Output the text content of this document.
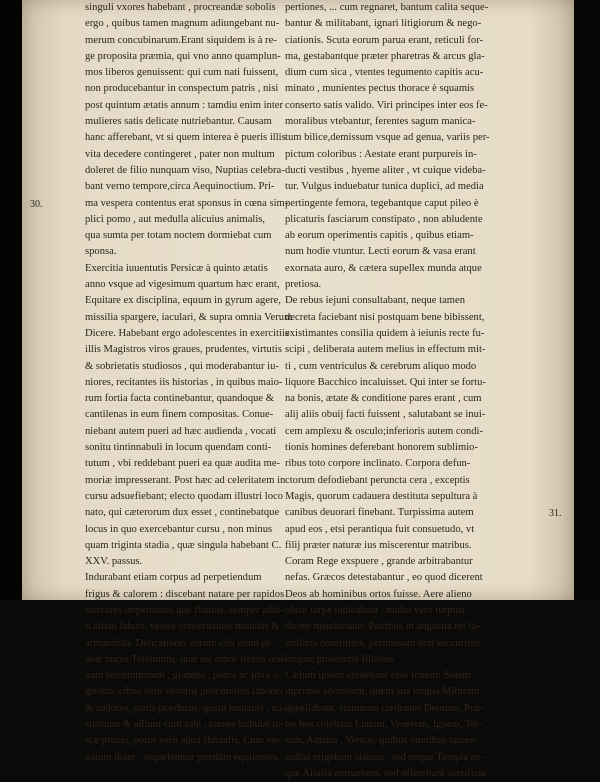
singuli vxores habebant , procreandæ sobolis
ergo , quibus tamen magnum adiungebant nu-
merum concubinarum.Erant siquidem is à re-
ge proposita præmia, qui vno anno quamplun-
mos liberos genuissent: qui cum nati fuissent,
non producebantur in conspectum patris , nisi
post quintum ætatis annum : tamdiu enim inter
mulieres satis delicate nutriebantur. Causam
hanc afferebant, vt si quem interea è pueris illis
vita decedere contingeret , pater non multum
doleret de filio nunquam viso, Nuptias celebra-
bant verno tempore,circa Aequinoctium. Pri-
ma vespera contentus erat sponsus in cœna sim-
plici pomo , aut medulla alicuius animalis,
qua sumta per totam noctem dormiebat cum
sponsa.
Exercitia iuuentutis Persicæ à quinto ætatis
anno vsque ad vigesimum quartum hæc erant,
Equitare ex disciplina, equum in gyrum agere,
missilia spargere, iaculari, & supra omnia Verum
Dicere. Habebant ergo adolescentes in exercitiis
illis Magistros viros graues, prudentes, virtutis
& sobrietatis studiosos , qui moderabantur iu-
niores, recitantes iis historias , in quibus maio-
rum fortia facta continebantur, quandoque &
cantilenas in eum finem compositas. Conue-
niebant autem pueri ad hæc audienda , vocati
sonitu tintinnabuli in locum quendam conti-
tutum , vbi reddebant pueri ea quæ audita me-
moriæ impresserant. Post hæc ad celeritatem in
cursu adsuefiebant; electo quodam illustri loco
nato, qui cæterorum dux esset , continebatque
locus in quo exercebantur cursu , non minus
quam triginta stadia , quæ singula habebant C.
XXV. passus.
Indurabant etiam corpus ad perpetiendum
frigus & calorem : discebant natare per rapidos
torrentes imperuosos que fluuios, semper addi-
ti alicui labori, vestes conseruantes mundas &
armanitida. Delicatiores eorum cibi erant pi-
neæ nuces Terebinthi, quæ est arbor ferens resi-
nam terebinthinam , glandes , poma ac pyra a-
grestia: cibus vero vsitatus post multos labores
& sudores, panis prædurus, gustu insuauis , na-
sturtium & allium cum sale , carnes bubulæ to-
stæ prunis, potus vero aqua fluuialis. Cum ve-
natum ibant , sequebantur prædam equitantes,
pertiones, ... cum regnaret, bantum calita seque-
bantur & militabant, ignari litigiorum & nego-
ciationis. Scuta eorum parua erant, reticuli for-
ma, gestabantque præter pharetras & arcus gla-
dium cum sica , vtentes tegumento capitis acu-
minato , munientes pectus thorace è squamis
conserto satis valido. Viri principes inter eos fe-
moralibus vtebantur, ferentes sagum manica-
tum bilice,demissum vsque ad genua, variis per-
pictum coloribus : Aestate erant purpureis in-
ducti vestibus , hyeme aliter , vt cuique videba-
tur. Vulgus induebatur tunica duplici, ad media
pertingente femora, tegebantque caput pileo è
plicaturis fasciarum constipato , non abludente
ab eorum operimentis capitis , quibus etiam-
num hodie vtuntur. Lecti eorum & vasa erant
exornata auro, & cætera supellex munda atque
pretiosa.
De rebus iejuni consultabant, neque tamen
decreta faciebant nisi postquam bene bibissent,
existimantes consilia quidem à ieiunis recte fu-
scipi , deliberata autem melius in effectum mit-
ti , cum ventriculus & cerebrum aliquo modo
liquore Bacchico incaluisset. Qui inter se fortu-
na bonis, ætate & conditione pares erant , cum
alij aliis obuij facti fuissent , salutabant se inui-
cem amplexu & osculo;inferioris autem condi-
tionis homines deferebant honorem sublimio-
ribus toto corpore inclinato. Corpora defun-
ctorum defodiebant peruncta cera , exceptis
Magis, quorum cadauera destituta sepultura à
canibus deuorari finebant. Turpissima autem
apud eos , etsi perantiqua fuit consuetudo, vt
filij præter naturæ ius miscerentur matribus.
Coram Rege exspuere , grande arbitrabantur
nefas. Græcos detestabantur , eo quod dicerent
Deos ab hominibus ortos fuisse. Aere alieno
obrui turpe iudicabant , multo vero turpius
dicere mendacium. Patribus in angustia rei fa-
miliaris constitutis, permissum erat succurrere
inopiæ prostitutis filiabus.
Cælum ipsum credebant esse Iouem: Solem
inprimis adorabant, quem sua lingua Mithram
appellabant, summum credentes Deorum. Præ-
ter hos colebant Lunam, Venerem, Ignem, Ter-
ram, Aquam , Ventos, quibus omnibus tamen
nullas erigebant statuas , sed neque Templa ne-
que Altaria extruebant, sed offerebant sacrificia
30.
31.
